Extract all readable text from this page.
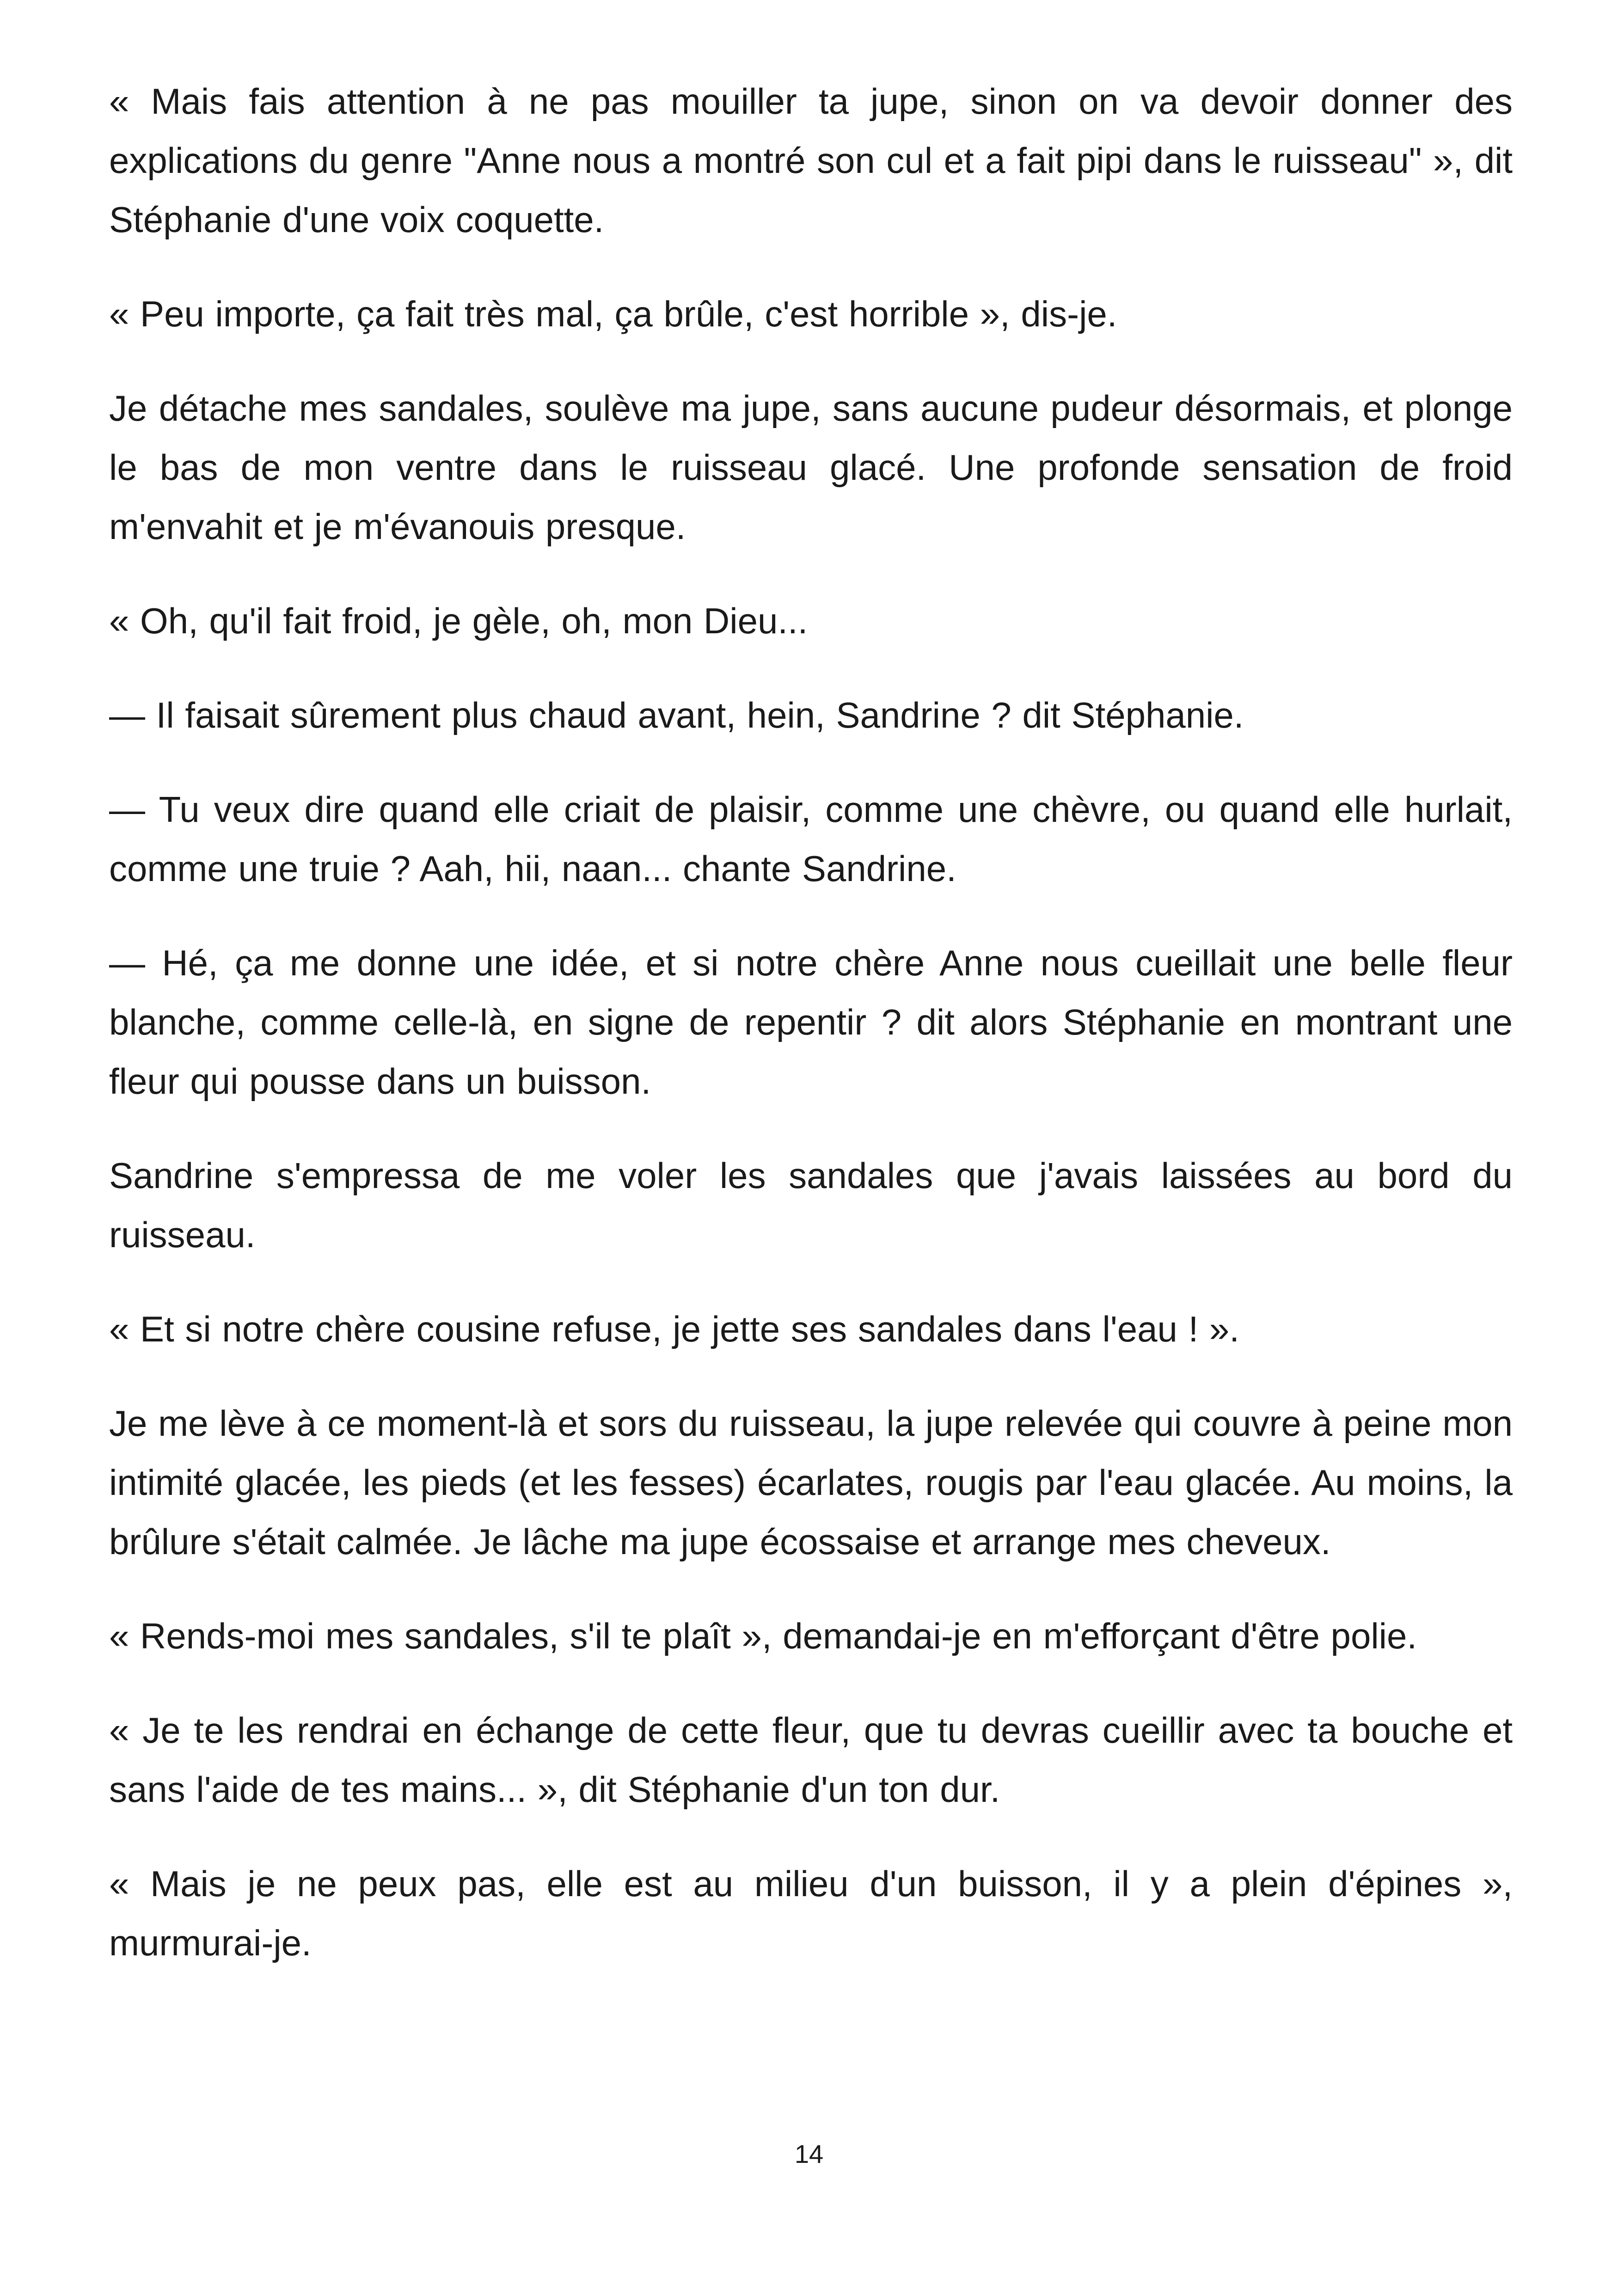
« Mais fais attention à ne pas mouiller ta jupe, sinon on va devoir donner des explications du genre "Anne nous a montré son cul et a fait pipi dans le ruisseau" », dit Stéphanie d'une voix coquette.

« Peu importe, ça fait très mal, ça brûle, c'est horrible », dis-je.

Je détache mes sandales, soulève ma jupe, sans aucune pudeur désormais, et plonge le bas de mon ventre dans le ruisseau glacé. Une profonde sensation de froid m'envahit et je m'évanouis presque.

« Oh, qu'il fait froid, je gèle, oh, mon Dieu...

— Il faisait sûrement plus chaud avant, hein, Sandrine ? dit Stéphanie.

— Tu veux dire quand elle criait de plaisir, comme une chèvre, ou quand elle hurlait, comme une truie ? Aah, hii, naan... chante Sandrine.

— Hé, ça me donne une idée, et si notre chère Anne nous cueillait une belle fleur blanche, comme celle-là, en signe de repentir ? dit alors Stéphanie en montrant une fleur qui pousse dans un buisson.

Sandrine s'empressa de me voler les sandales que j'avais laissées au bord du ruisseau.

« Et si notre chère cousine refuse, je jette ses sandales dans l'eau ! ».

Je me lève à ce moment-là et sors du ruisseau, la jupe relevée qui couvre à peine mon intimité glacée, les pieds (et les fesses) écarlates, rougis par l'eau glacée. Au moins, la brûlure s'était calmée. Je lâche ma jupe écossaise et arrange mes cheveux.

« Rends-moi mes sandales, s'il te plaît », demandai-je en m'efforçant d'être polie.

« Je te les rendrai en échange de cette fleur, que tu devras cueillir avec ta bouche et sans l'aide de tes mains... », dit Stéphanie d'un ton dur.

« Mais je ne peux pas, elle est au milieu d'un buisson, il y a plein d'épines », murmurai-je.

14
